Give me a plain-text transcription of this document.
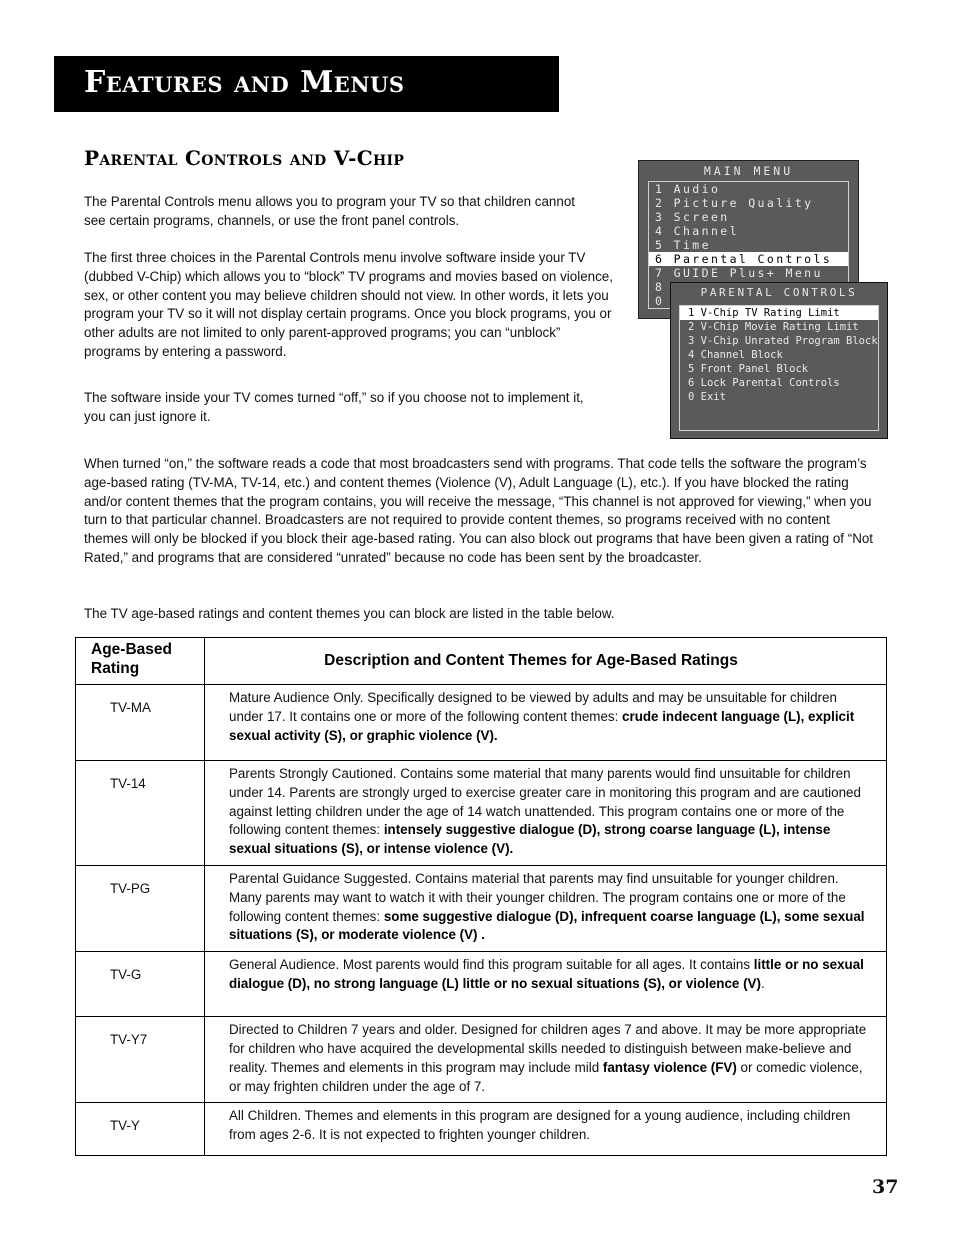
Features and Menus
Parental Controls and V-Chip
The Parental Controls menu allows you to program your TV so that children cannot see certain programs, channels, or use the front panel controls.
The first three choices in the Parental Controls menu involve software inside your TV (dubbed V-Chip) which allows you to “block” TV programs and movies based on violence, sex, or other content you may believe children should not view. In other words, it lets you program your TV so it will not display certain programs. Once you block programs, you or other adults are not limited to only parent-approved programs; you can “unblock” programs by entering a password.
The software inside your TV comes turned “off,” so if you choose not to implement it, you can just ignore it.
When turned “on,” the software reads a code that most broadcasters send with programs. That code tells the software the program’s age-based rating (TV-MA, TV-14, etc.) and content themes (Violence (V), Adult Language (L), etc.). If you have blocked the rating and/or content themes that the program contains, you will receive the message, “This channel is not approved for viewing,” when you turn to that particular channel. Broadcasters are not required to provide content themes, so programs received with no content themes will only be blocked if you block their age-based rating. You can also block out programs that have been given a rating of “Not Rated,” and programs that are considered “unrated” because no code has been sent by the broadcaster.
The TV age-based ratings and content themes you can block are listed in the table below.
MAIN MENU
1 Audio
2 Picture Quality
3 Screen
4 Channel
5 Time
6 Parental Controls
7 GUIDE Plus+ Menu
8
0
PARENTAL CONTROLS
1 V-Chip TV Rating Limit
2 V-Chip Movie Rating Limit
3 V-Chip Unrated Program Block
4 Channel Block
5 Front Panel Block
6 Lock Parental Controls
0 Exit
Age-Based Rating	Description and Content Themes for Age-Based Ratings
TV-MA	Mature Audience Only. Specifically designed to be viewed by adults and may be unsuitable for children under 17. It contains one or more of the following content themes: crude indecent language (L), explicit sexual activity (S), or graphic violence (V).
TV-14	Parents Strongly Cautioned. Contains some material that many parents would find unsuitable for children under 14. Parents are strongly urged to exercise greater care in monitoring this program and are cautioned against letting children under the age of 14 watch unattended. This program contains one or more of the following content themes: intensely suggestive dialogue (D), strong coarse language (L), intense sexual situations (S), or intense violence (V).
TV-PG	Parental Guidance Suggested. Contains material that parents may find unsuitable for younger children. Many parents may want to watch it with their younger children. The program contains one or more of the following content themes: some suggestive dialogue (D), infrequent coarse language (L), some sexual situations (S), or moderate violence (V) .
TV-G	General Audience. Most parents would find this program suitable for all ages. It contains little or no sexual dialogue (D), no strong language (L) little or no sexual situations (S), or violence (V).
TV-Y7	Directed to Children 7 years and older. Designed for children ages 7 and above. It may be more appropriate for children who have acquired the developmental skills needed to distinguish between make-believe and reality. Themes and elements in this program may include mild fantasy violence (FV) or comedic violence, or may frighten children under the age of 7.
TV-Y	All Children. Themes and elements in this program are designed for a young audience, including children from ages 2-6. It is not expected to frighten younger children.
37
